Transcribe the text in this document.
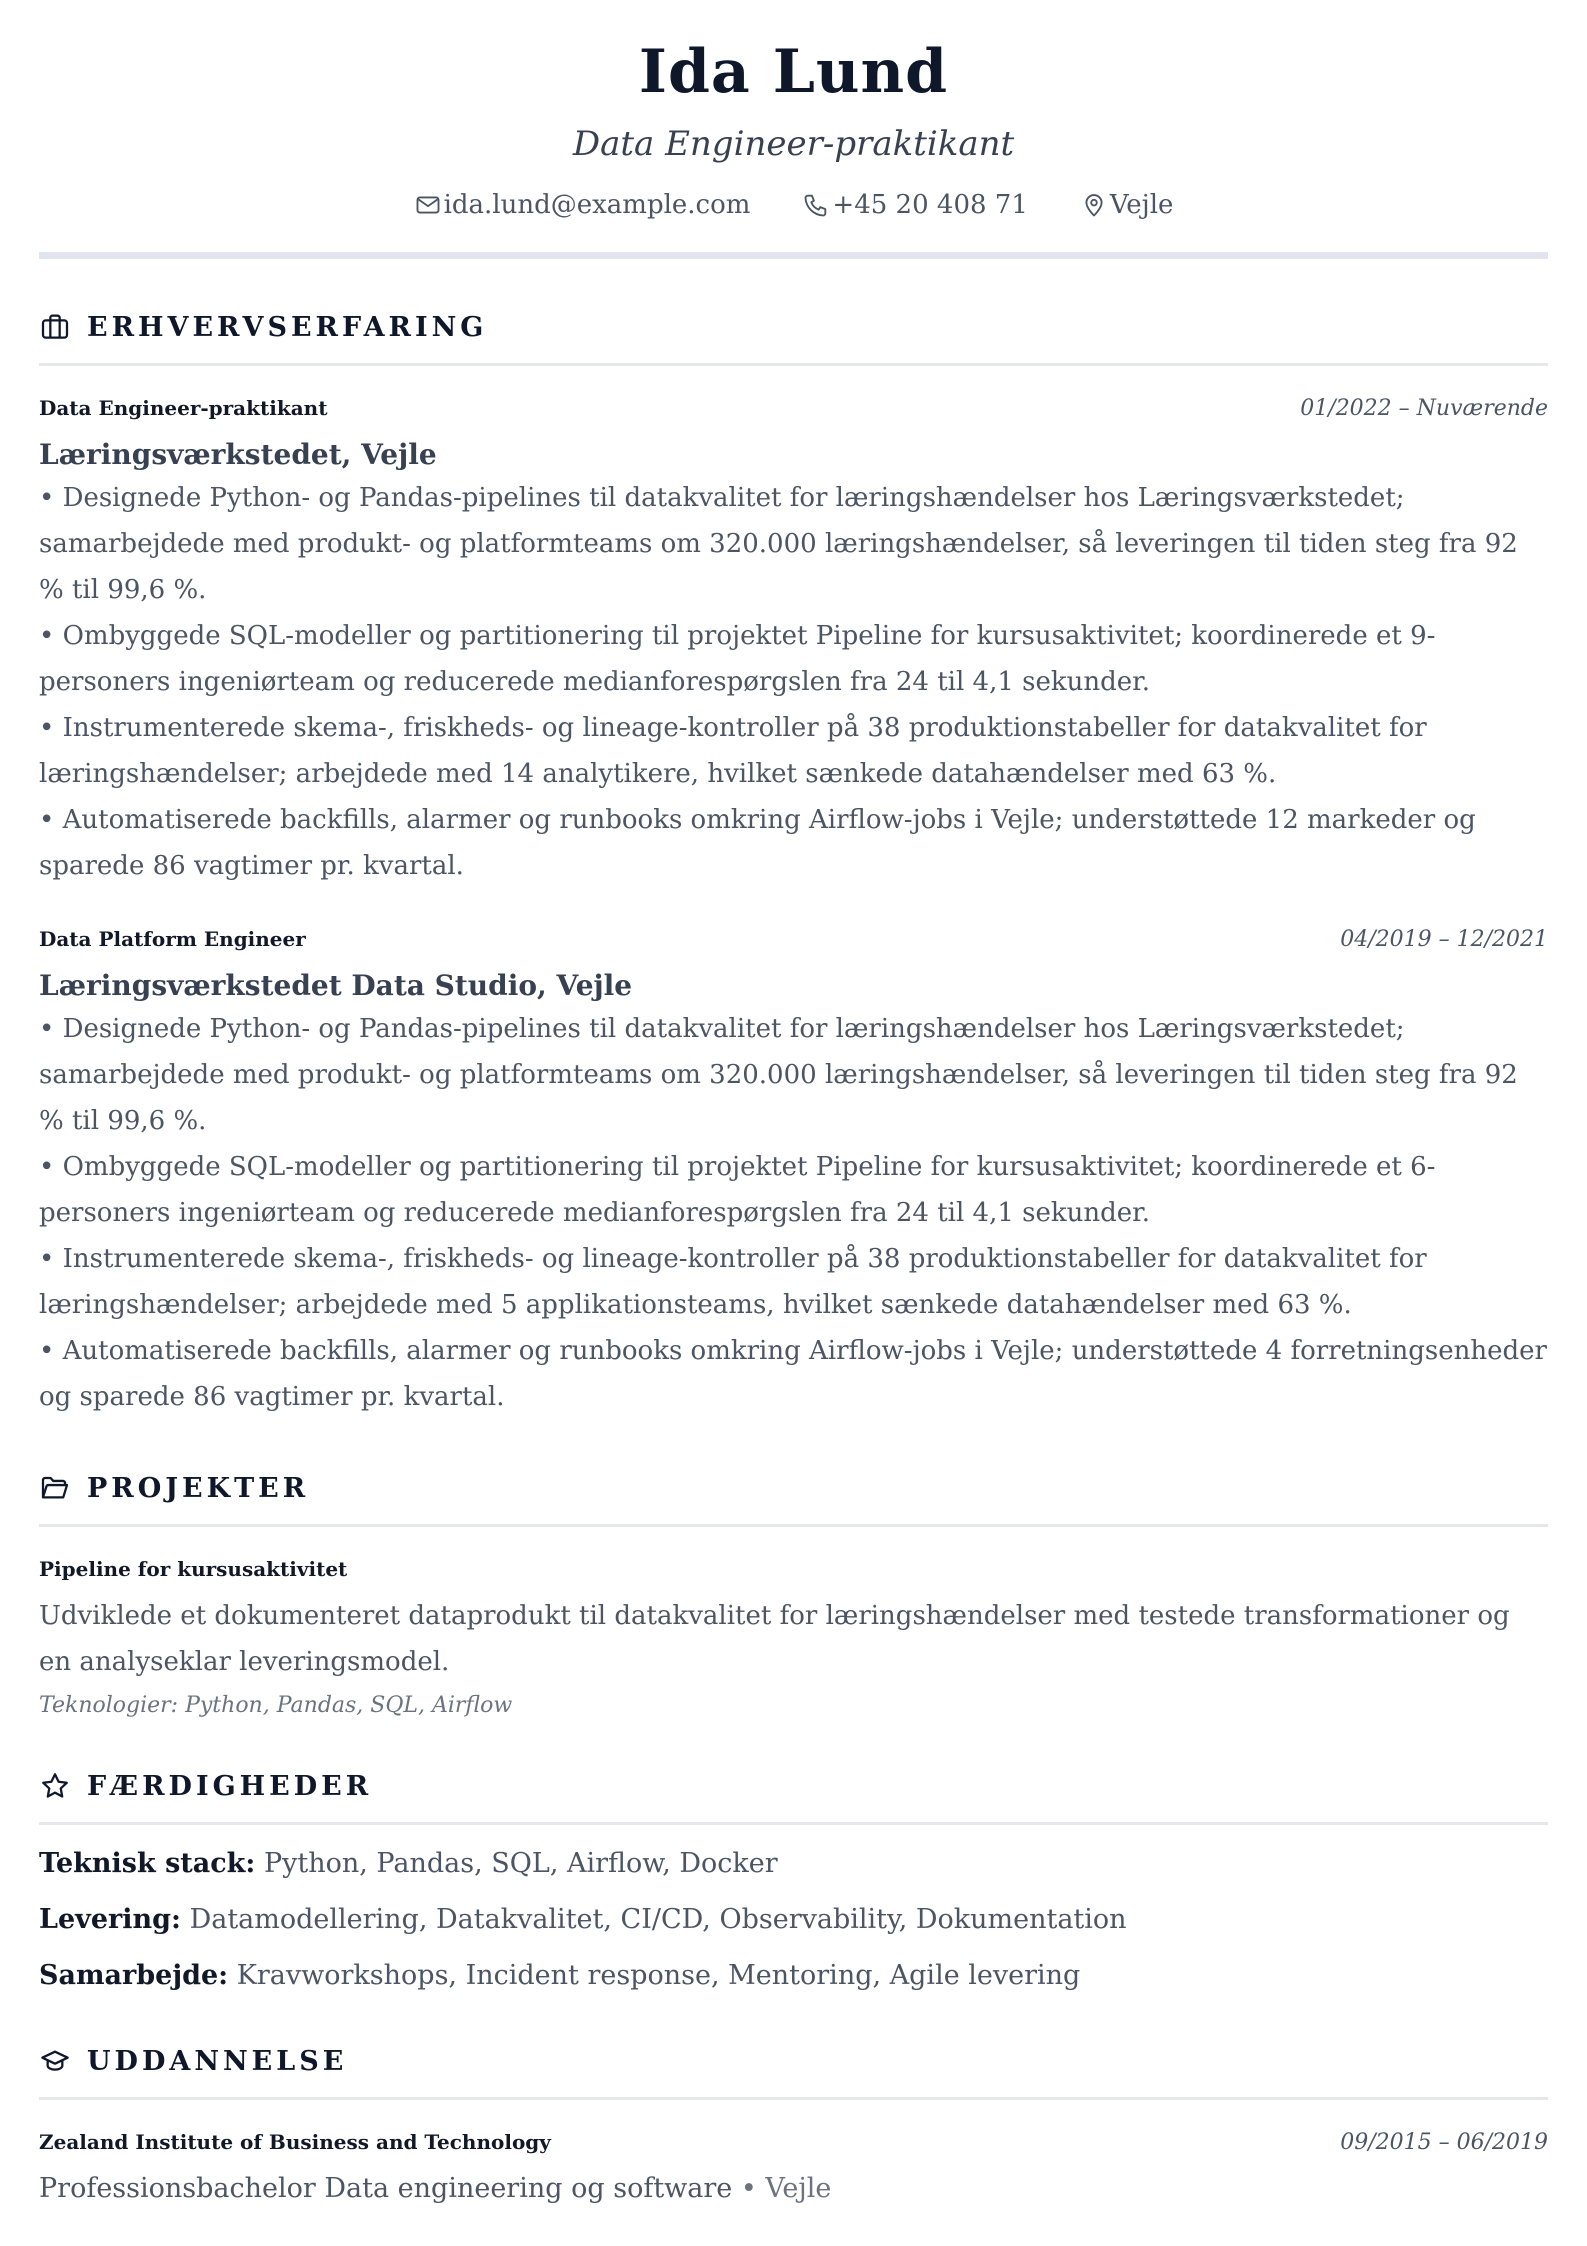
Ida Lund
Data Engineer-praktikant
ida.lund@example.com	+45 20 408 71	Vejle
ERHVERVSERFARING
Data Engineer-praktikant	01/2022 – Nuværende
Læringsværkstedet, Vejle
• Designede Python- og Pandas-pipelines til datakvalitet for læringshændelser hos Læringsværkstedet; samarbejdede med produkt- og platformteams om 320.000 læringshændelser, så leveringen til tiden steg fra 92 % til 99,6 %.
• Ombyggede SQL-modeller og partitionering til projektet Pipeline for kursusaktivitet; koordinerede et 9-personers ingeniørteam og reducerede medianforespørgslen fra 24 til 4,1 sekunder.
• Instrumenterede skema-, friskheds- og lineage-kontroller på 38 produktionstabeller for datakvalitet for læringshændelser; arbejdede med 14 analytikere, hvilket sænkede datahændelser med 63 %.
• Automatiserede backfills, alarmer og runbooks omkring Airflow-jobs i Vejle; understøttede 12 markeder og sparede 86 vagtimer pr. kvartal.
Data Platform Engineer	04/2019 – 12/2021
Læringsværkstedet Data Studio, Vejle
• Designede Python- og Pandas-pipelines til datakvalitet for læringshændelser hos Læringsværkstedet; samarbejdede med produkt- og platformteams om 320.000 læringshændelser, så leveringen til tiden steg fra 92 % til 99,6 %.
• Ombyggede SQL-modeller og partitionering til projektet Pipeline for kursusaktivitet; koordinerede et 6-personers ingeniørteam og reducerede medianforespørgslen fra 24 til 4,1 sekunder.
• Instrumenterede skema-, friskheds- og lineage-kontroller på 38 produktionstabeller for datakvalitet for læringshændelser; arbejdede med 5 applikationsteams, hvilket sænkede datahændelser med 63 %.
• Automatiserede backfills, alarmer og runbooks omkring Airflow-jobs i Vejle; understøttede 4 forretningsenheder og sparede 86 vagtimer pr. kvartal.
PROJEKTER
Pipeline for kursusaktivitet
Udviklede et dokumenteret dataprodukt til datakvalitet for læringshændelser med testede transformationer og en analyseklar leveringsmodel.
Teknologier: Python, Pandas, SQL, Airflow
FÆRDIGHEDER
Teknisk stack: Python, Pandas, SQL, Airflow, Docker
Levering: Datamodellering, Datakvalitet, CI/CD, Observability, Dokumentation
Samarbejde: Kravworkshops, Incident response, Mentoring, Agile levering
UDDANNELSE
Zealand Institute of Business and Technology	09/2015 – 06/2019
Professionsbachelor Data engineering og software • Vejle
